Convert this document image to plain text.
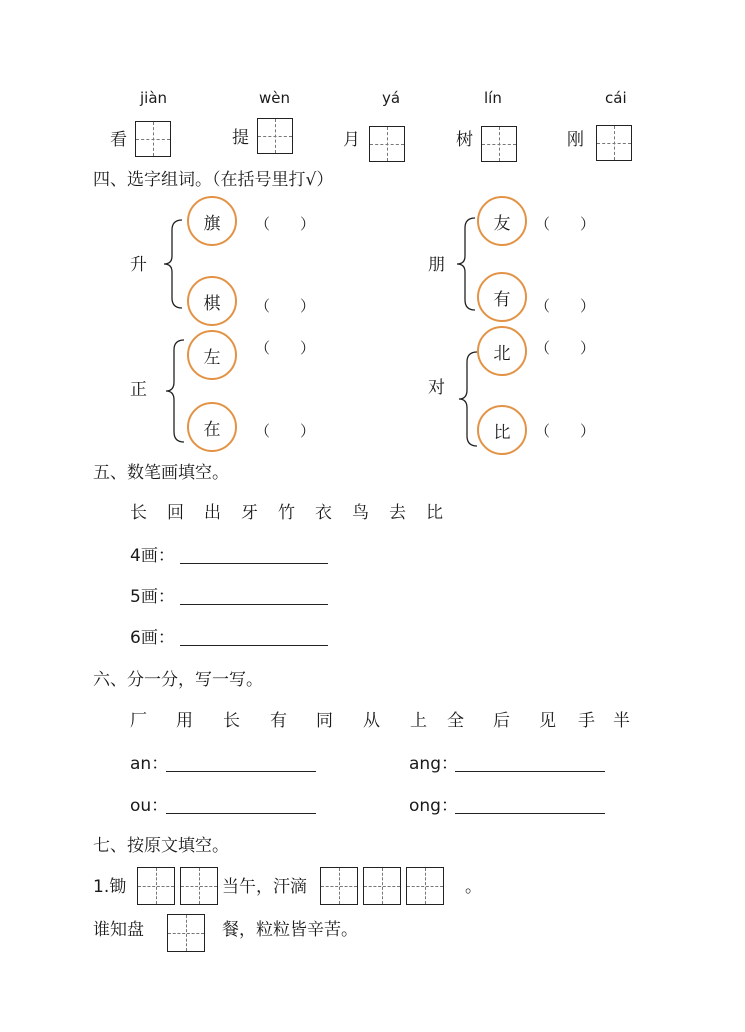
jiàn	wèn	yá	lín	cái
看	提	月	树	刚
四、选字组词。（在括号里打√）
升
旗 （　　）
棋 （　　）
朋
友 （　　）
有 （　　）
正
左 （　　）
在 （　　）
对
北 （　　）
比 （　　）
五、数笔画填空。
长 回 出 牙 竹 衣 鸟 去 比
4画：
5画：
6画：
六、分一分，写一写。
厂 用 长 有 同 从 上 全 后 见 手 半
an：	ang：
ou：	ong：
七、按原文填空。
1.锄	当午，汗滴	。
谁知盘	餐，粒粒皆辛苦。
